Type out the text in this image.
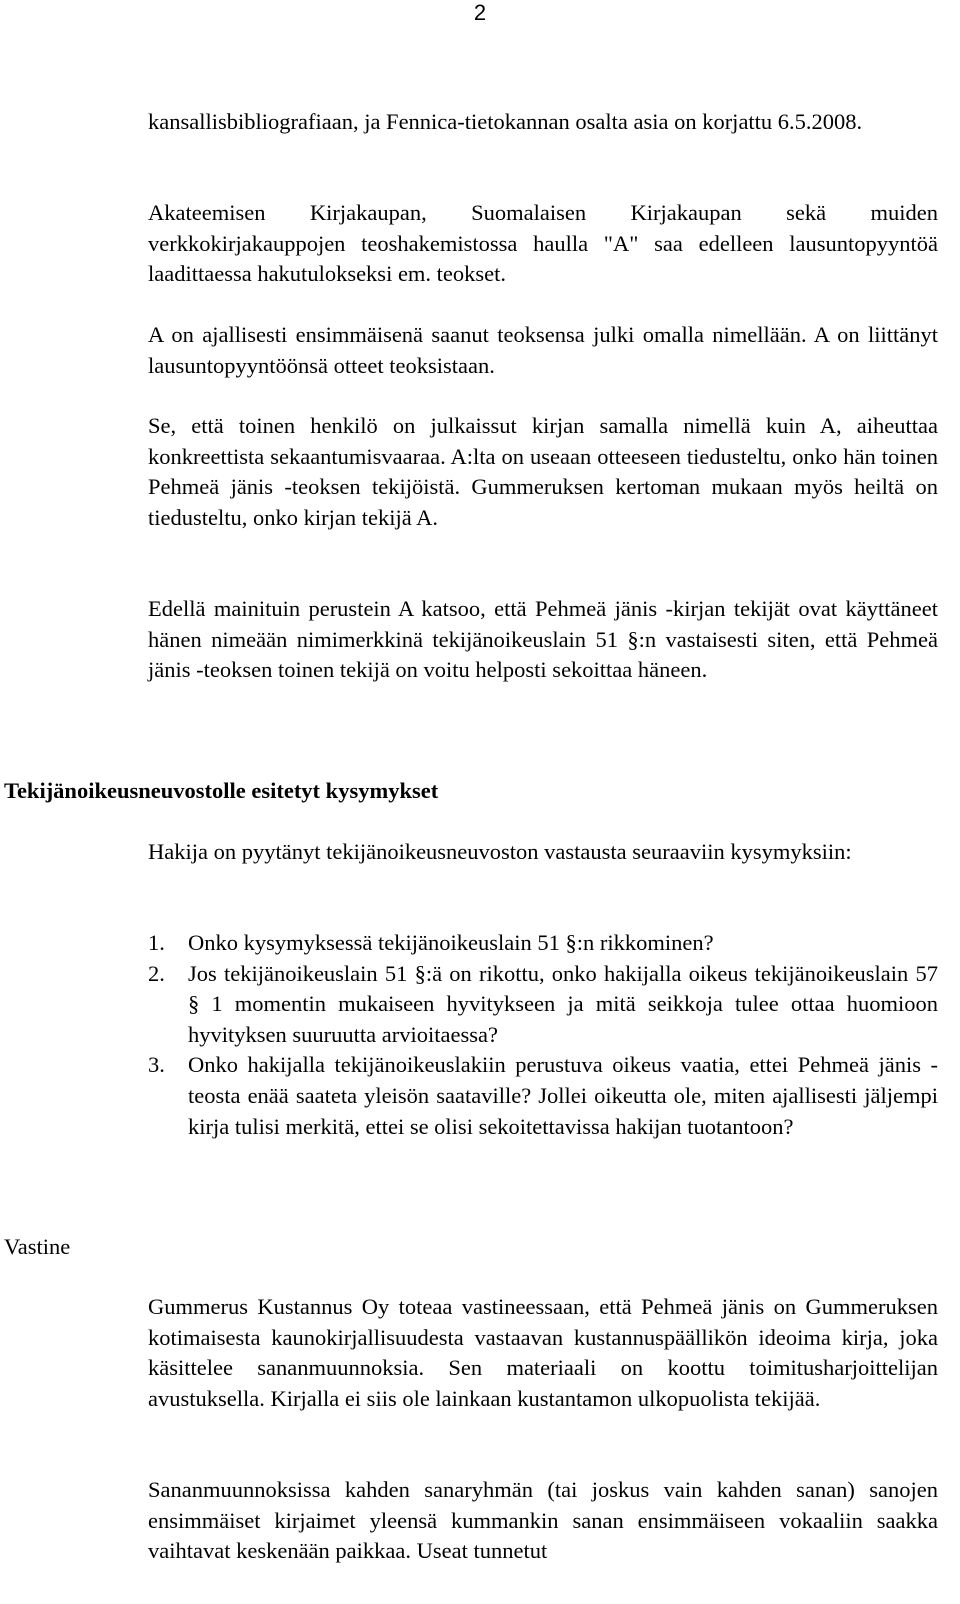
2

kansallisbibliografiaan, ja Fennica-tietokannan osalta asia on korjattu 6.5.2008.

Akateemisen Kirjakaupan, Suomalaisen Kirjakaupan sekä muiden verkkokirjakauppojen teoshakemistossa haulla "A" saa edelleen lausuntopyyntöä laadittaessa hakutulokseksi em. teokset.

A on ajallisesti ensimmäisenä saanut teoksensa julki omalla nimellään. A on liittänyt lausuntopyyntöönsä otteet teoksistaan.

Se, että toinen henkilö on julkaissut kirjan samalla nimellä kuin A, aiheuttaa konkreettista sekaantumisvaaraa. A:lta on useaan otteeseen tiedusteltu, onko hän toinen Pehmeä jänis -teoksen tekijöistä. Gummeruksen kertoman mukaan myös heiltä on tiedusteltu, onko kirjan tekijä A.

Edellä mainituin perustein A katsoo, että Pehmeä jänis -kirjan tekijät ovat käyttäneet hänen nimeään nimimerkkinä tekijänoikeuslain 51 §:n vastaisesti siten, että Pehmeä jänis -teoksen toinen tekijä on voitu helposti sekoittaa häneen.

Tekijänoikeusneuvostolle esitetyt kysymykset

Hakija on pyytänyt tekijänoikeusneuvoston vastausta seuraaviin kysymyksiin:

1. Onko kysymyksessä tekijänoikeuslain 51 §:n rikkominen?
2. Jos tekijänoikeuslain 51 §:ä on rikottu, onko hakijalla oikeus tekijänoikeuslain 57 § 1 momentin mukaiseen hyvitykseen ja mitä seikkoja tulee ottaa huomioon hyvityksen suuruutta arvioitaessa?
3. Onko hakijalla tekijänoikeuslakiin perustuva oikeus vaatia, ettei Pehmeä jänis -teosta enää saateta yleisön saataville? Jollei oikeutta ole, miten ajallisesti jäljempi kirja tulisi merkitä, ettei se olisi sekoitettavissa hakijan tuotantoon?
Vastine

Gummerus Kustannus Oy toteaa vastineessaan, että Pehmeä jänis on Gummeruksen kotimaisesta kaunokirjallisuudesta vastaavan kustannuspäällikön ideoima kirja, joka käsittelee sananmuunnoksia. Sen materiaali on koottu toimitusharjoittelijan avustuksella. Kirjalla ei siis ole lainkaan kustantamon ulkopuolista tekijää.

Sananmuunnoksissa kahden sanaryhmän (tai joskus vain kahden sanan) sanojen ensimmäiset kirjaimet yleensä kummankin sanan ensimmäiseen vokaaliin saakka vaihtavat keskenään paikkaa. Useat tunnetut
